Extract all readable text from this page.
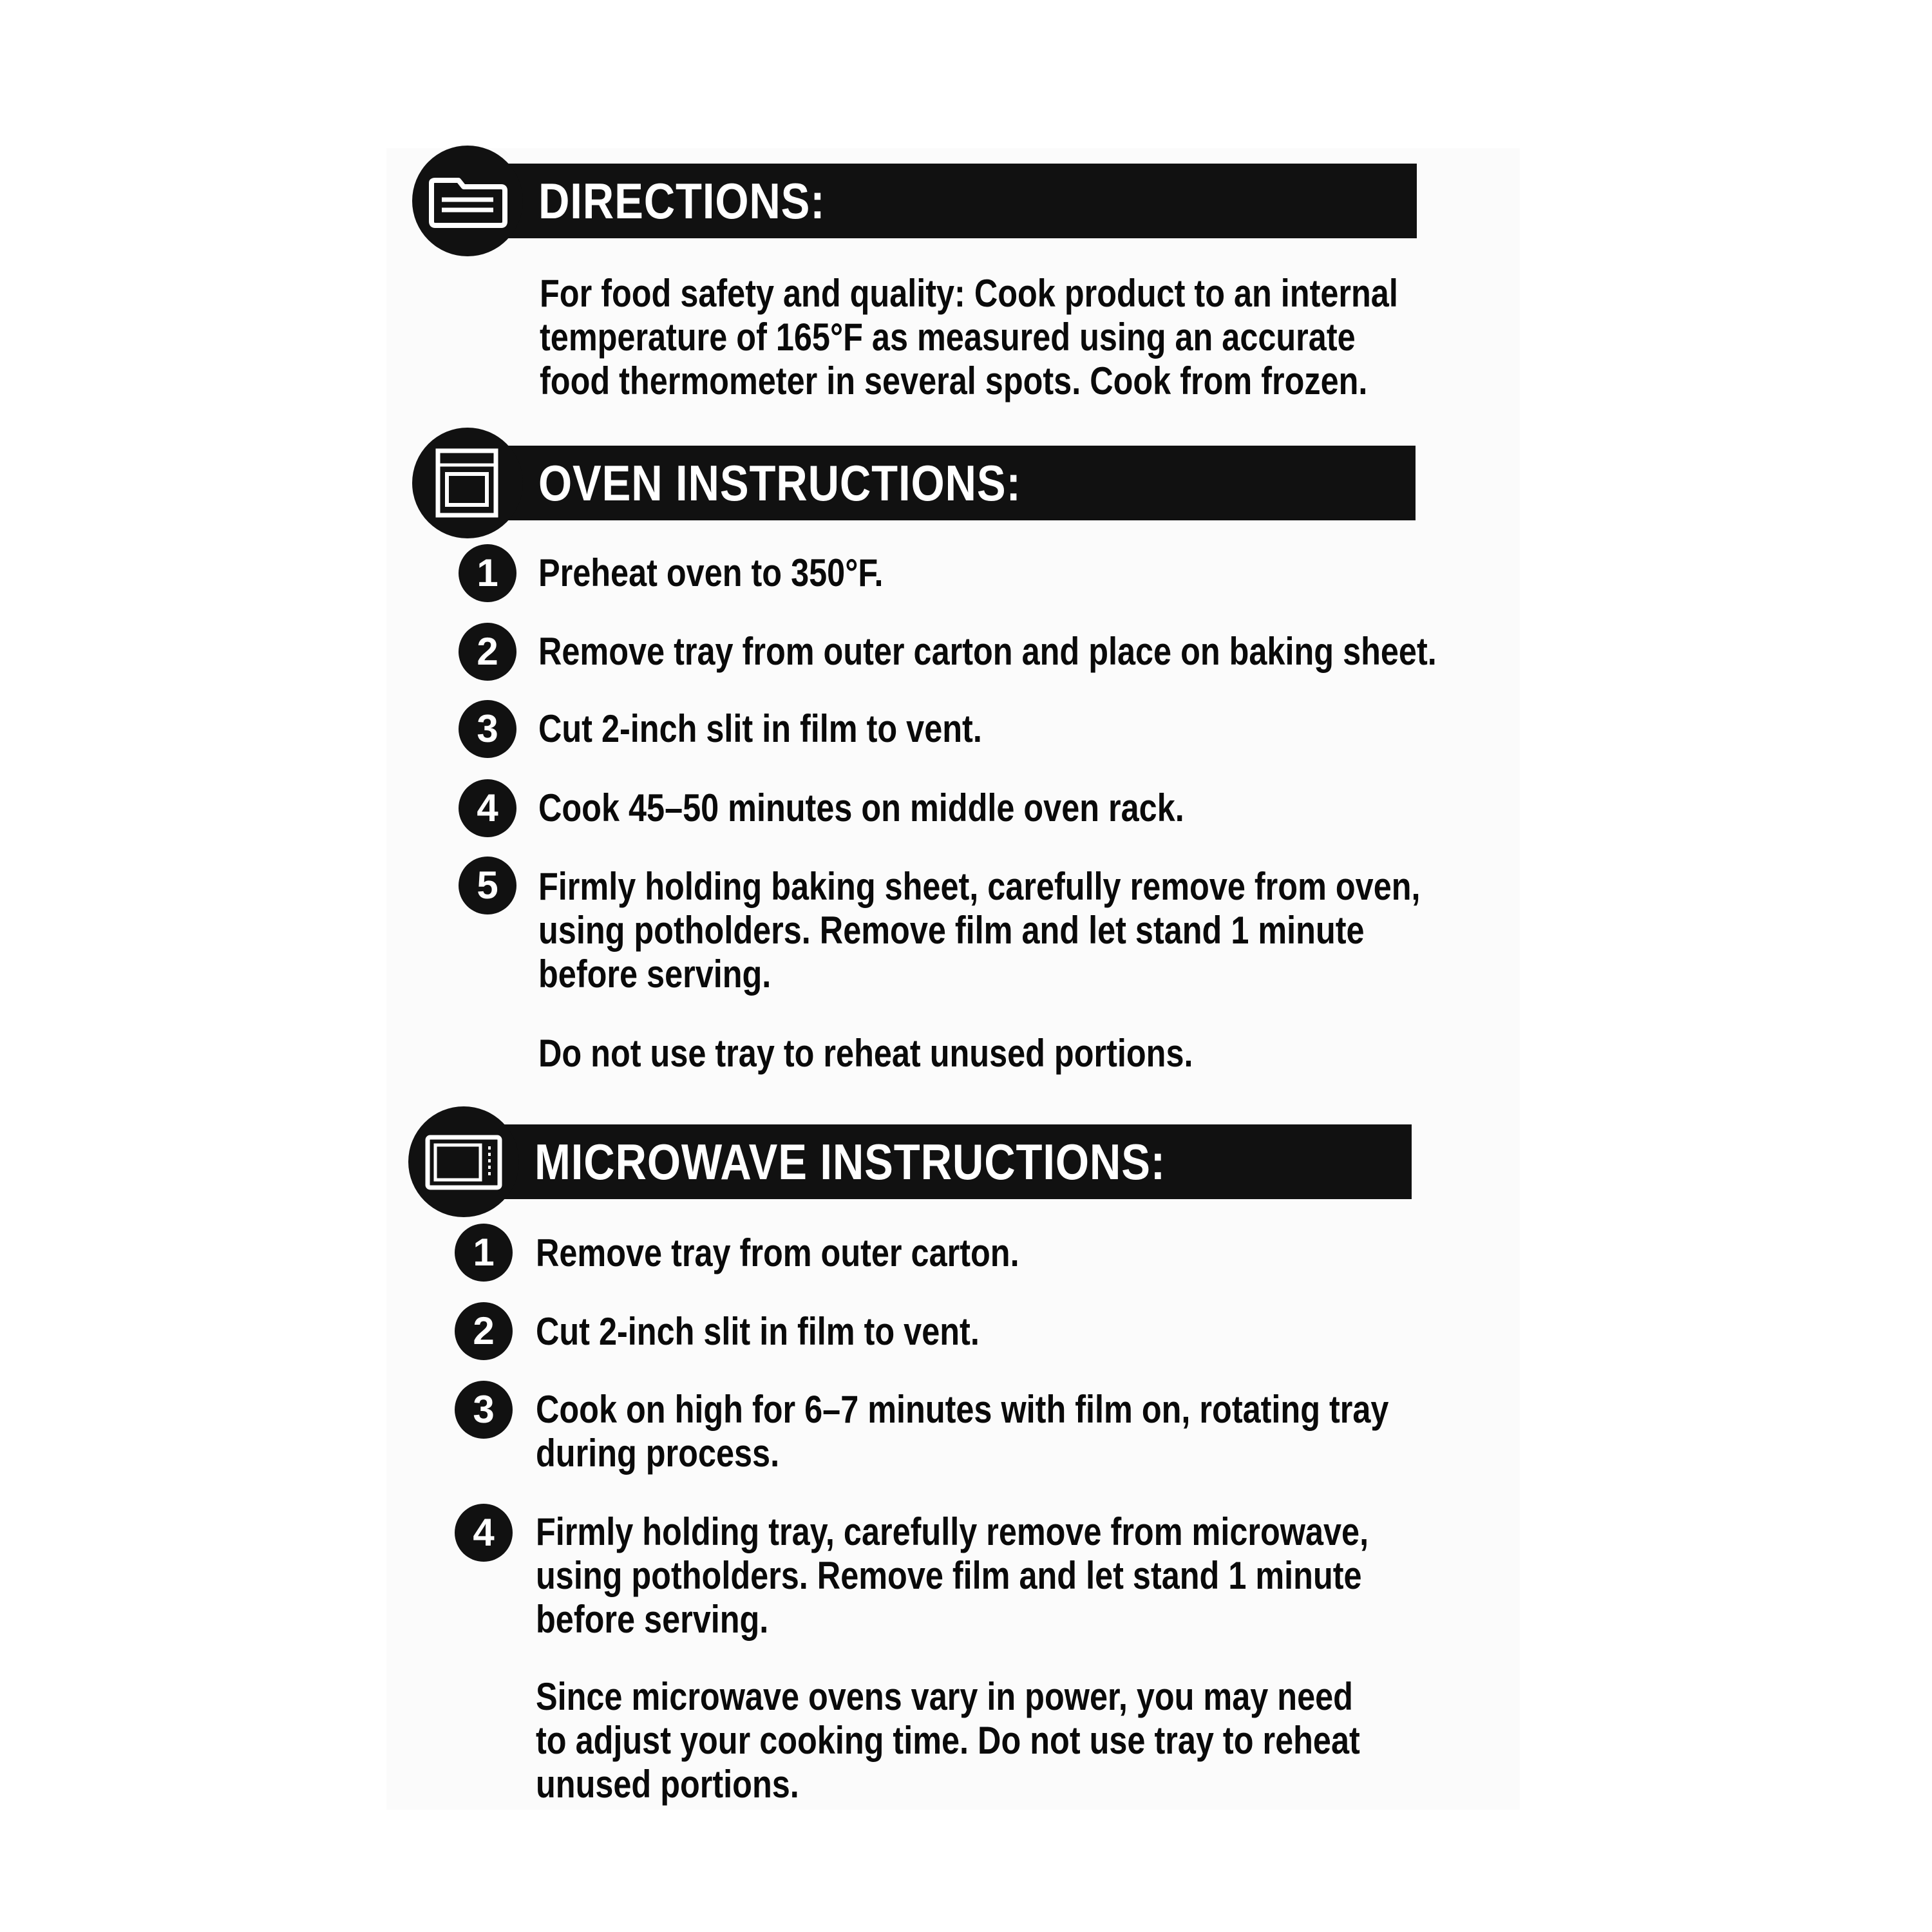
DIRECTIONS:
For food safety and quality: Cook product to an internal
temperature of 165°F as measured using an accurate
food thermometer in several spots. Cook from frozen.
OVEN INSTRUCTIONS:
1	Preheat oven to 350°F.
2	Remove tray from outer carton and place on baking sheet.
3	Cut 2-inch slit in film to vent.
4	Cook 45–50 minutes on middle oven rack.
5	Firmly holding baking sheet, carefully remove from oven,
using potholders. Remove film and let stand 1 minute
before serving.
Do not use tray to reheat unused portions.
MICROWAVE INSTRUCTIONS:
1	Remove tray from outer carton.
2	Cut 2-inch slit in film to vent.
3	Cook on high for 6–7 minutes with film on, rotating tray
during process.
4	Firmly holding tray, carefully remove from microwave,
using potholders. Remove film and let stand 1 minute
before serving.
Since microwave ovens vary in power, you may need
to adjust your cooking time. Do not use tray to reheat
unused portions.
